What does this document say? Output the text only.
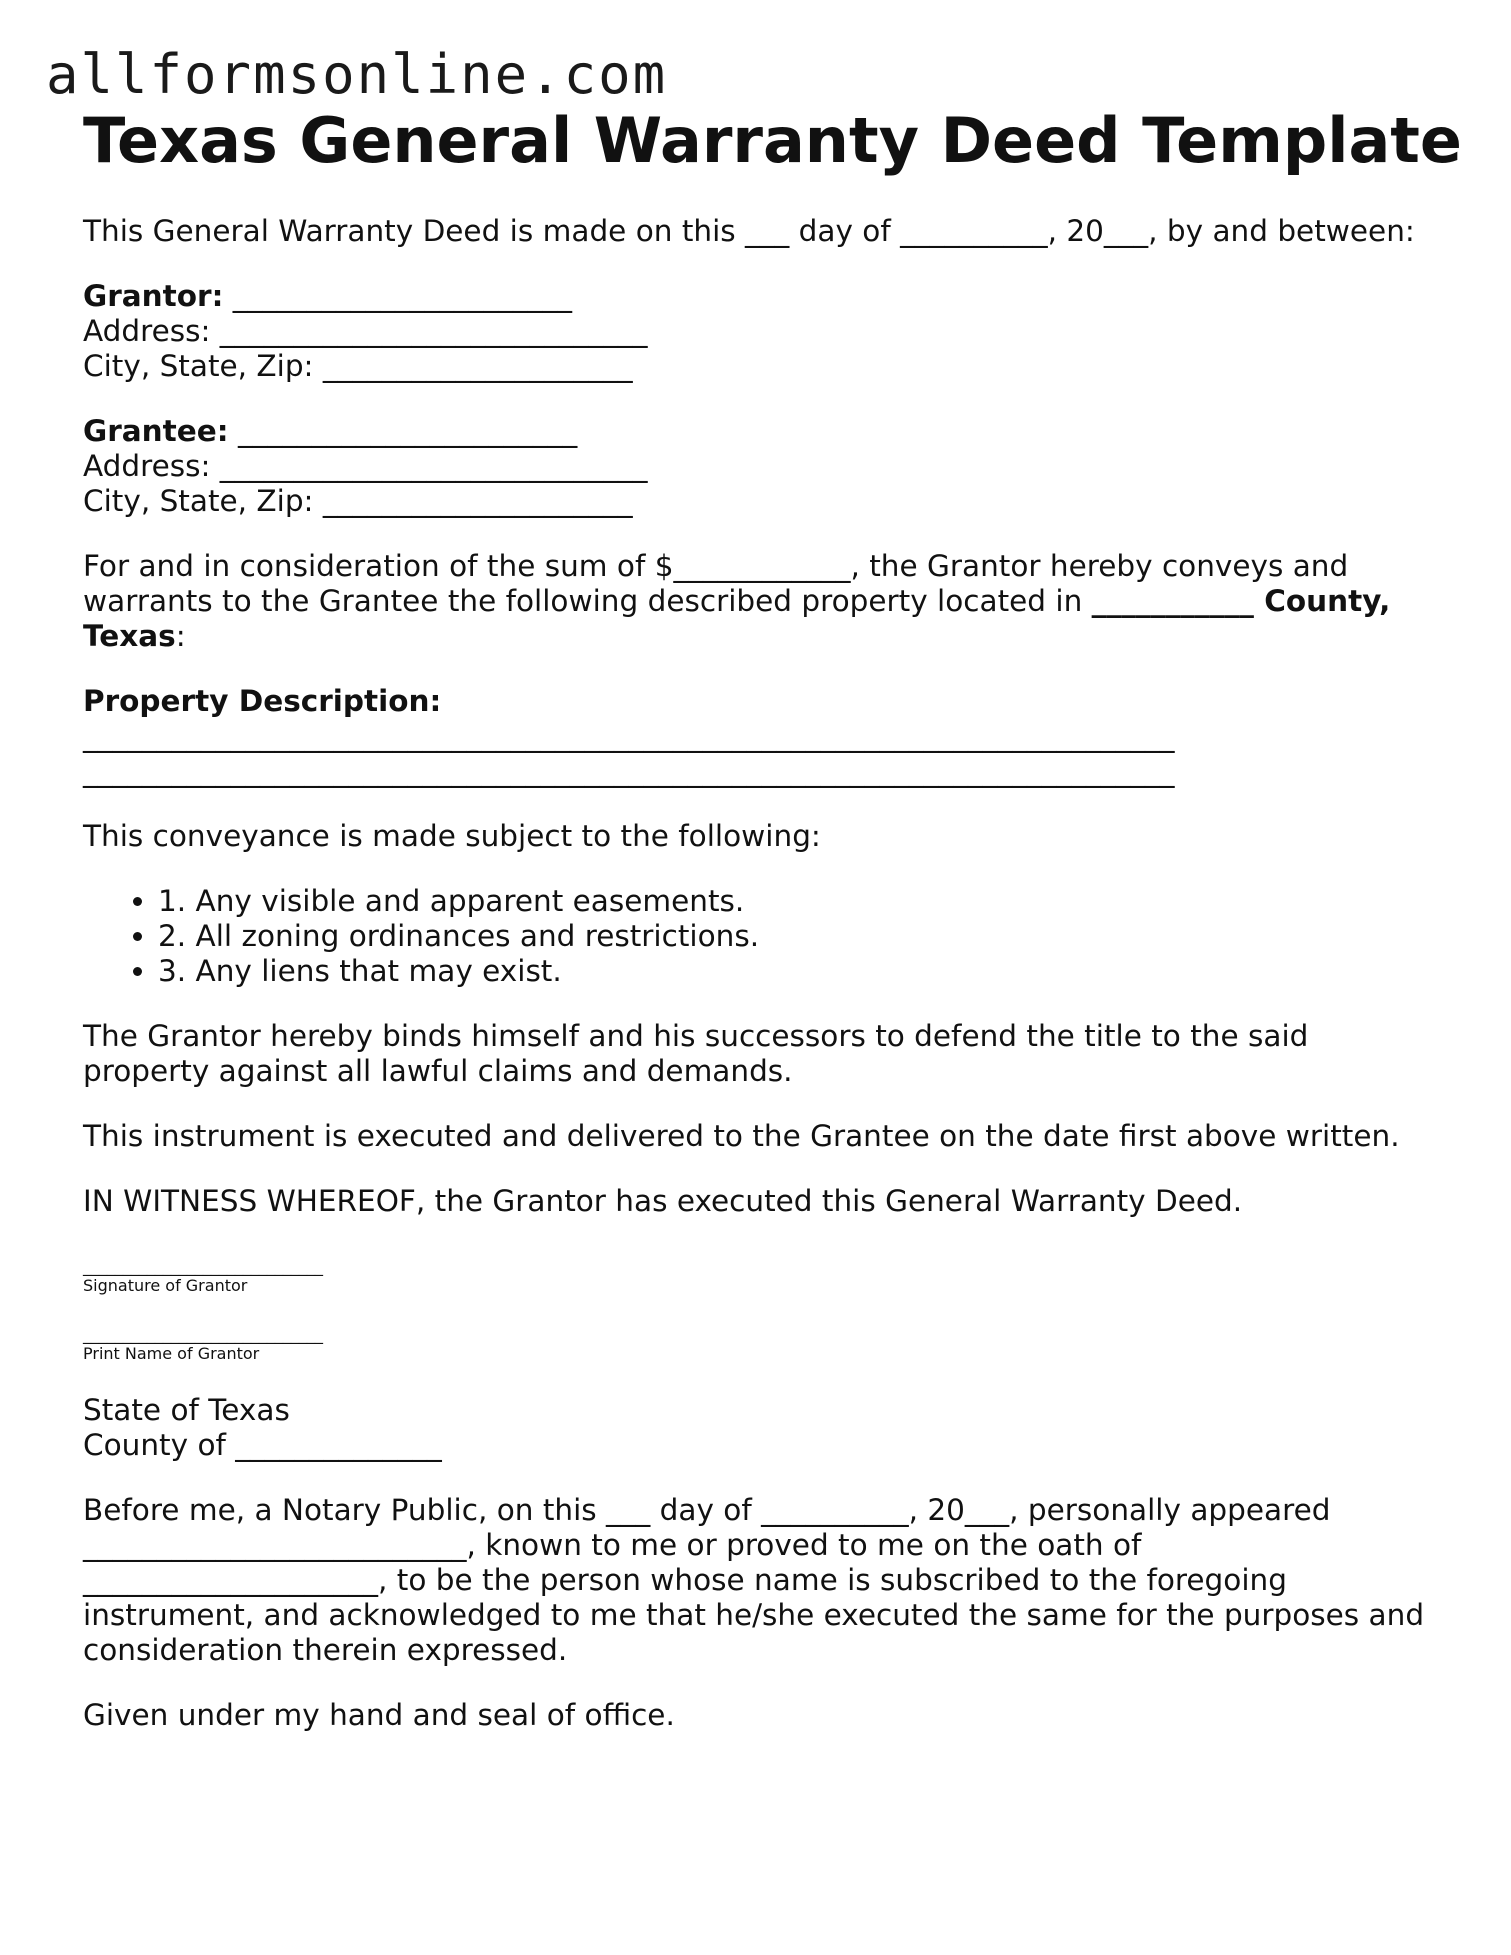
allformsonline.com
Texas General Warranty Deed Template

This General Warranty Deed is made on this ___ day of __________, 20___, by and between:

Grantor: _______________________
Address: _____________________________
City, State, Zip: _____________________
Grantee: _______________________
Address: _____________________________
City, State, Zip: _____________________

For and in consideration of the sum of $____________, the Grantor hereby conveys and warrants to the Grantee the following described property located in ___________ County, Texas:

Property Description:
__________________________________________________________________________
__________________________________________________________________________

This conveyance is made subject to the following:

• 1. Any visible and apparent easements.
• 2. All zoning ordinances and restrictions.
• 3. Any liens that may exist.

The Grantor hereby binds himself and his successors to defend the title to the said property against all lawful claims and demands.

This instrument is executed and delivered to the Grantee on the date first above written.

IN WITNESS WHEREOF, the Grantor has executed this General Warranty Deed.

______________________________
Signature of Grantor
______________________________
Print Name of Grantor
State of Texas
County of ______________
Before me, a Notary Public, on this ___ day of __________, 20___, personally appeared
__________________________, known to me or proved to me on the oath of
____________________, to be the person whose name is subscribed to the foregoing
instrument, and acknowledged to me that he/she executed the same for the purposes and
consideration therein expressed.

Given under my hand and seal of office.
